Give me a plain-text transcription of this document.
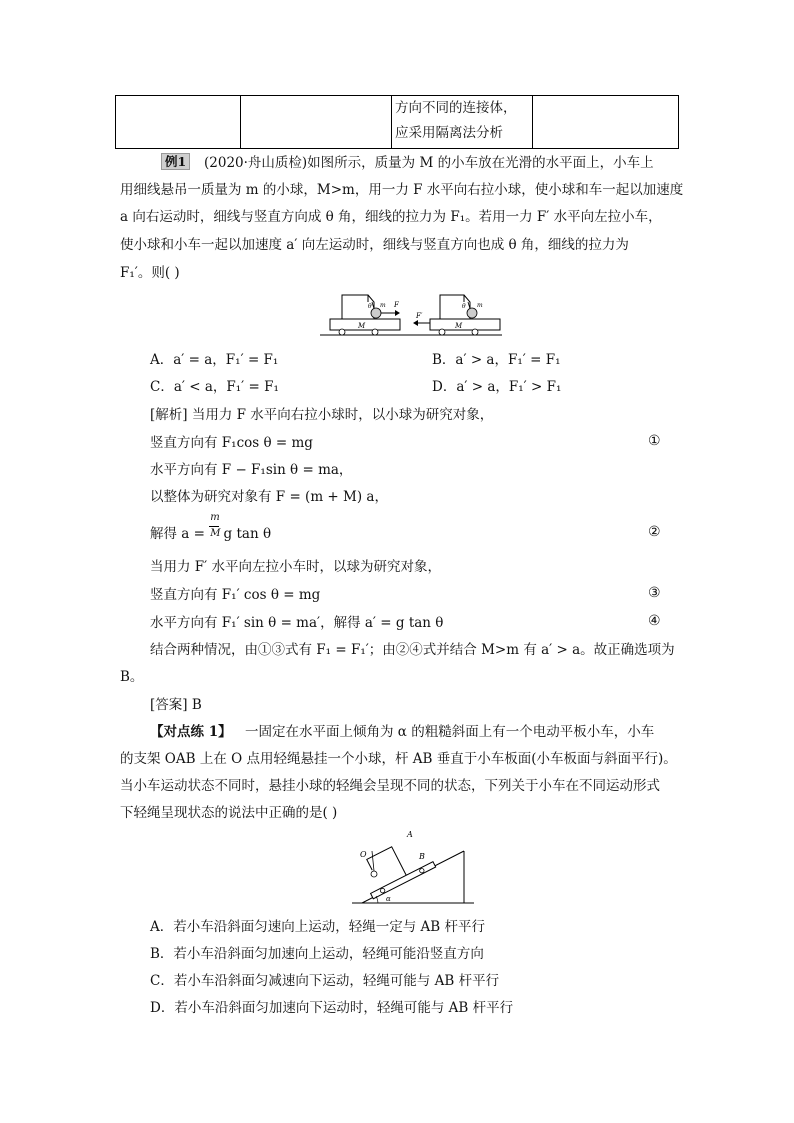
方向不同的连接体，
应采用隔离法分析

例1 (2020·舟山质检)如图所示，质量为 M 的小车放在光滑的水平面上，小车上
用细线悬吊一质量为 m 的小球，M>m，用一力 F 水平向右拉小球，使小球和车一起以加速度
a 向右运动时，细线与竖直方向成 θ 角，细线的拉力为 F₁。若用一力 F′ 水平向左拉小车，
使小球和小车一起以加速度 a′ 向左运动时，细线与竖直方向也成 θ 角，细线的拉力为
F₁′。则( )
M
θ m F
M
θ m
F′
A．a′ = a，F₁′ = F₁	B．a′ > a，F₁′ = F₁
C．a′ < a，F₁′ = F₁	D．a′ > a，F₁′ > F₁
[解析] 当用力 F 水平向右拉小球时，以小球为研究对象，
竖直方向有 F₁cos θ = mg	①
水平方向有 F − F₁sin θ = ma，
以整体为研究对象有 F = (m + M) a，
解得 $a = \frac{m}{M}$ g tan θ	②
当用力 F′ 水平向左拉小车时，以球为研究对象，
竖直方向有 F₁′ cos θ = mg	③
水平方向有 F₁′ sin θ = ma′，解得 a′ = g tan θ	④
结合两种情况，由①③式有 F₁ = F₁′；由②④式并结合 M>m 有 a′ > a。故正确选项为
B。
[答案] B
【对点练 1】 一固定在水平面上倾角为 α 的粗糙斜面上有一个电动平板小车，小车
的支架 OAB 上在 O 点用轻绳悬挂一个小球，杆 AB 垂直于小车板面(小车板面与斜面平行)。
当小车运动状态不同时，悬挂小球的轻绳会呈现不同的状态，下列关于小车在不同运动形式
下轻绳呈现状态的说法中正确的是( )
A
B
O
α
A．若小车沿斜面匀速向上运动，轻绳一定与 AB 杆平行
B．若小车沿斜面匀加速向上运动，轻绳可能沿竖直方向
C．若小车沿斜面匀减速向下运动，轻绳可能与 AB 杆平行
D．若小车沿斜面匀加速向下运动时，轻绳可能与 AB 杆平行
